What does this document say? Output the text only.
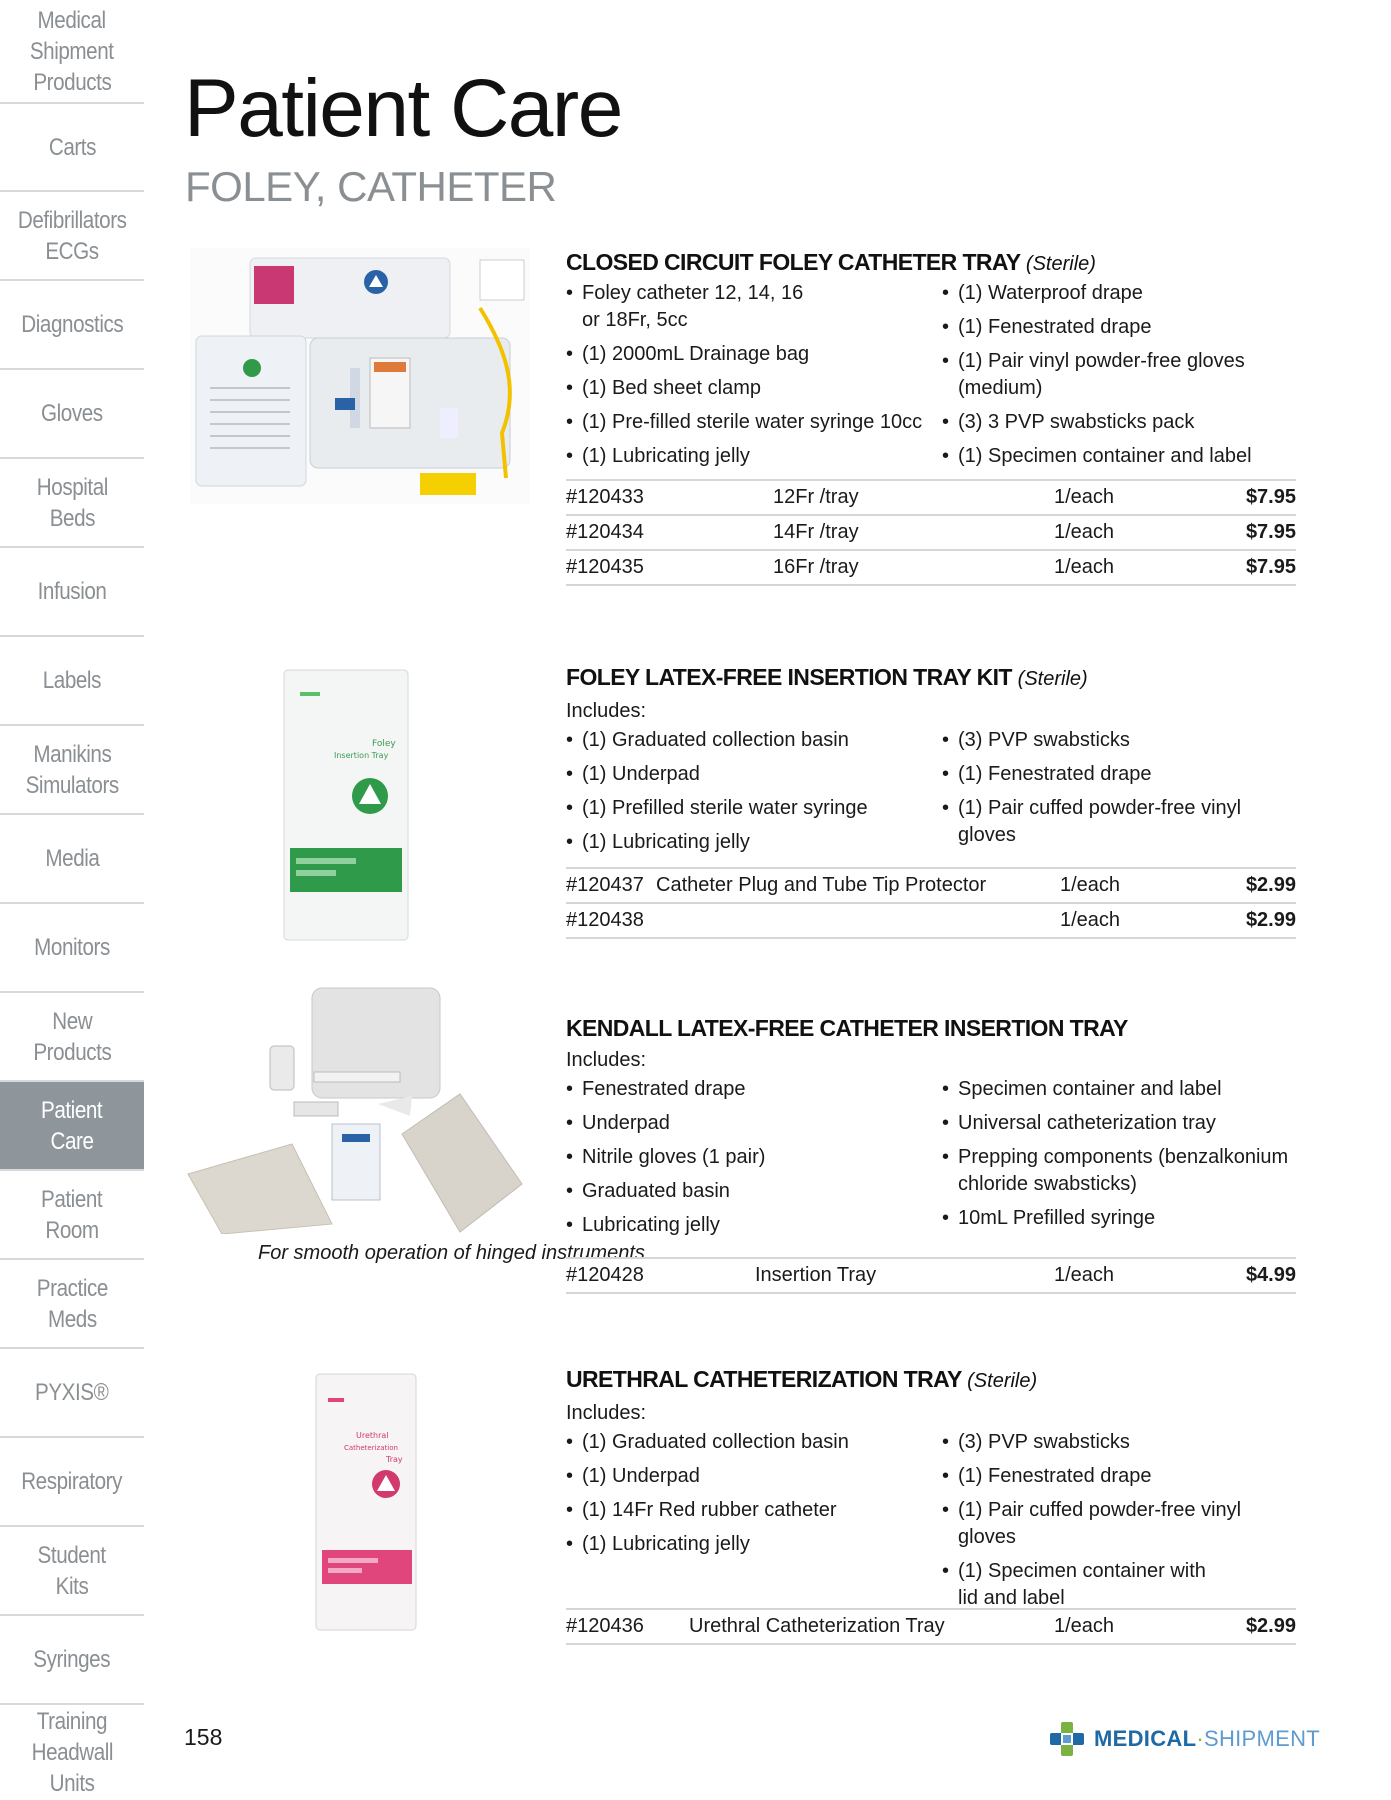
Medical
Shipment
Products
Carts
Defibrillators
ECGs
Diagnostics
Gloves
Hospital
Beds
Infusion
Labels
Manikins
Simulators
Media
Monitors
New
Products
Patient
Care
Patient
Room
Practice
Meds
PYXIS®
Respiratory
Student
Kits
Syringes
Training
Headwall
Units
Patient Care
FOLEY, CATHETER
Foley
Insertion Tray
Urethral
Catheterization
Tray
For smooth operation of hinged instruments
CLOSED CIRCUIT FOLEY CATHETER TRAY (Sterile)
• Foley catheter 12, 14, 16 or 18Fr, 5cc
• (1) 2000mL Drainage bag
• (1) Bed sheet clamp
• (1) Pre-filled sterile water syringe 10cc
• (1) Lubricating jelly
• (1) Waterproof drape
• (1) Fenestrated drape
• (1) Pair vinyl powder-free gloves (medium)
• (3) 3 PVP swabsticks pack
• (1) Specimen container and label
#120433	12Fr /tray	1/each	$7.95
#120434	14Fr /tray	1/each	$7.95
#120435	16Fr /tray	1/each	$7.95
FOLEY LATEX-FREE INSERTION TRAY KIT (Sterile)
Includes:
• (1) Graduated collection basin
• (1) Underpad
• (1) Prefilled sterile water syringe
• (1) Lubricating jelly
• (3) PVP swabsticks
• (1) Fenestrated drape
• (1) Pair cuffed powder-free vinyl gloves
#120437 Catheter Plug and Tube Tip Protector	1/each	$2.99
#120438	1/each	$2.99
KENDALL LATEX-FREE CATHETER INSERTION TRAY
Includes:
• Fenestrated drape
• Underpad
• Nitrile gloves (1 pair)
• Graduated basin
• Lubricating jelly
• Specimen container and label
• Universal catheterization tray
• Prepping components (benzalkonium chloride swabsticks)
• 10mL Prefilled syringe
#120428	Insertion Tray	1/each	$4.99
URETHRAL CATHETERIZATION TRAY (Sterile)
Includes:
• (1) Graduated collection basin
• (1) Underpad
• (1) 14Fr Red rubber catheter
• (1) Lubricating jelly
• (3) PVP swabsticks
• (1) Fenestrated drape
• (1) Pair cuffed powder-free vinyl gloves
• (1) Specimen container with lid and label
#120436 Urethral Catheterization Tray	1/each	$2.99
158	MEDICAL·SHIPMENT
